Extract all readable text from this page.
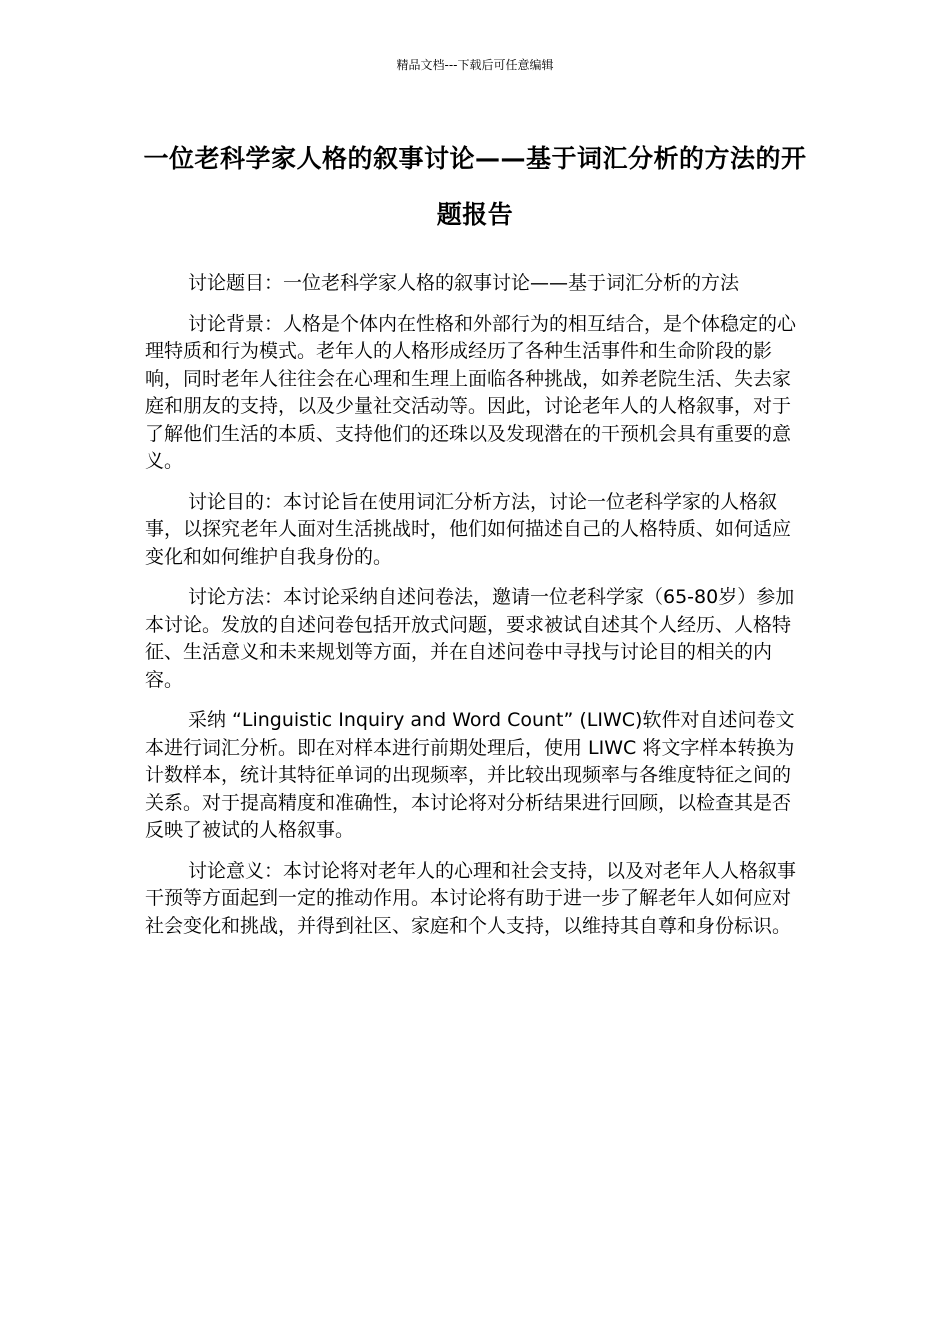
精品文档---下载后可任意编辑
一位老科学家人格的叙事讨论——基于词汇分析的方法的开题报告

讨论题目：一位老科学家人格的叙事讨论——基于词汇分析的方法

讨论背景：人格是个体内在性格和外部行为的相互结合，是个体稳定的心理特质和行为模式。老年人的人格形成经历了各种生活事件和生命阶段的影响，同时老年人往往会在心理和生理上面临各种挑战，如养老院生活、失去家庭和朋友的支持，以及少量社交活动等。因此，讨论老年人的人格叙事，对于了解他们生活的本质、支持他们的还珠以及发现潜在的干预机会具有重要的意义。

讨论目的：本讨论旨在使用词汇分析方法，讨论一位老科学家的人格叙事，以探究老年人面对生活挑战时，他们如何描述自己的人格特质、如何适应变化和如何维护自我身份的。

讨论方法：本讨论采纳自述问卷法，邀请一位老科学家（65-80岁）参加本讨论。发放的自述问卷包括开放式问题，要求被试自述其个人经历、人格特征、生活意义和未来规划等方面，并在自述问卷中寻找与讨论目的相关的内容。

采纳 “Linguistic Inquiry and Word Count” (LIWC)软件对自述问卷文本进行词汇分析。即在对样本进行前期处理后，使用 LIWC 将文字样本转换为计数样本，统计其特征单词的出现频率，并比较出现频率与各维度特征之间的关系。对于提高精度和准确性，本讨论将对分析结果进行回顾，以检查其是否反映了被试的人格叙事。

讨论意义：本讨论将对老年人的心理和社会支持，以及对老年人人格叙事干预等方面起到一定的推动作用。本讨论将有助于进一步了解老年人如何应对社会变化和挑战，并得到社区、家庭和个人支持，以维持其自尊和身份标识。
